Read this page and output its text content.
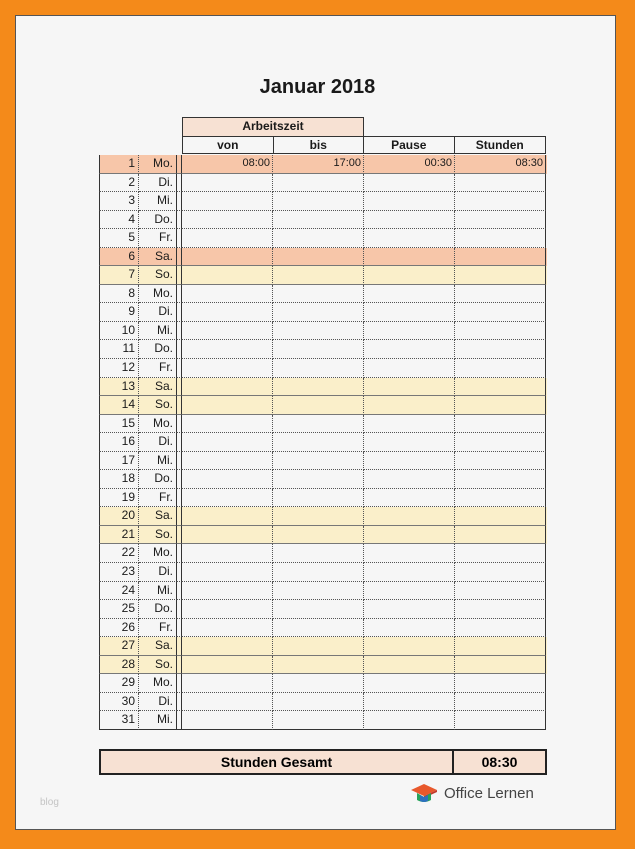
Januar 2018
Arbeitszeit
von	bis	Pause	Stunden
1	Mo.	08:00	17:00	00:30	08:30
2	Di.
3	Mi.
4	Do.
5	Fr.
6	Sa.
7	So.
8	Mo.
9	Di.
10	Mi.
11	Do.
12	Fr.
13	Sa.
14	So.
15	Mo.
16	Di.
17	Mi.
18	Do.
19	Fr.
20	Sa.
21	So.
22	Mo.
23	Di.
24	Mi.
25	Do.
26	Fr.
27	Sa.
28	So.
29	Mo.
30	Di.
31	Mi.
Stunden Gesamt	08:30
Office Lernen
blog
